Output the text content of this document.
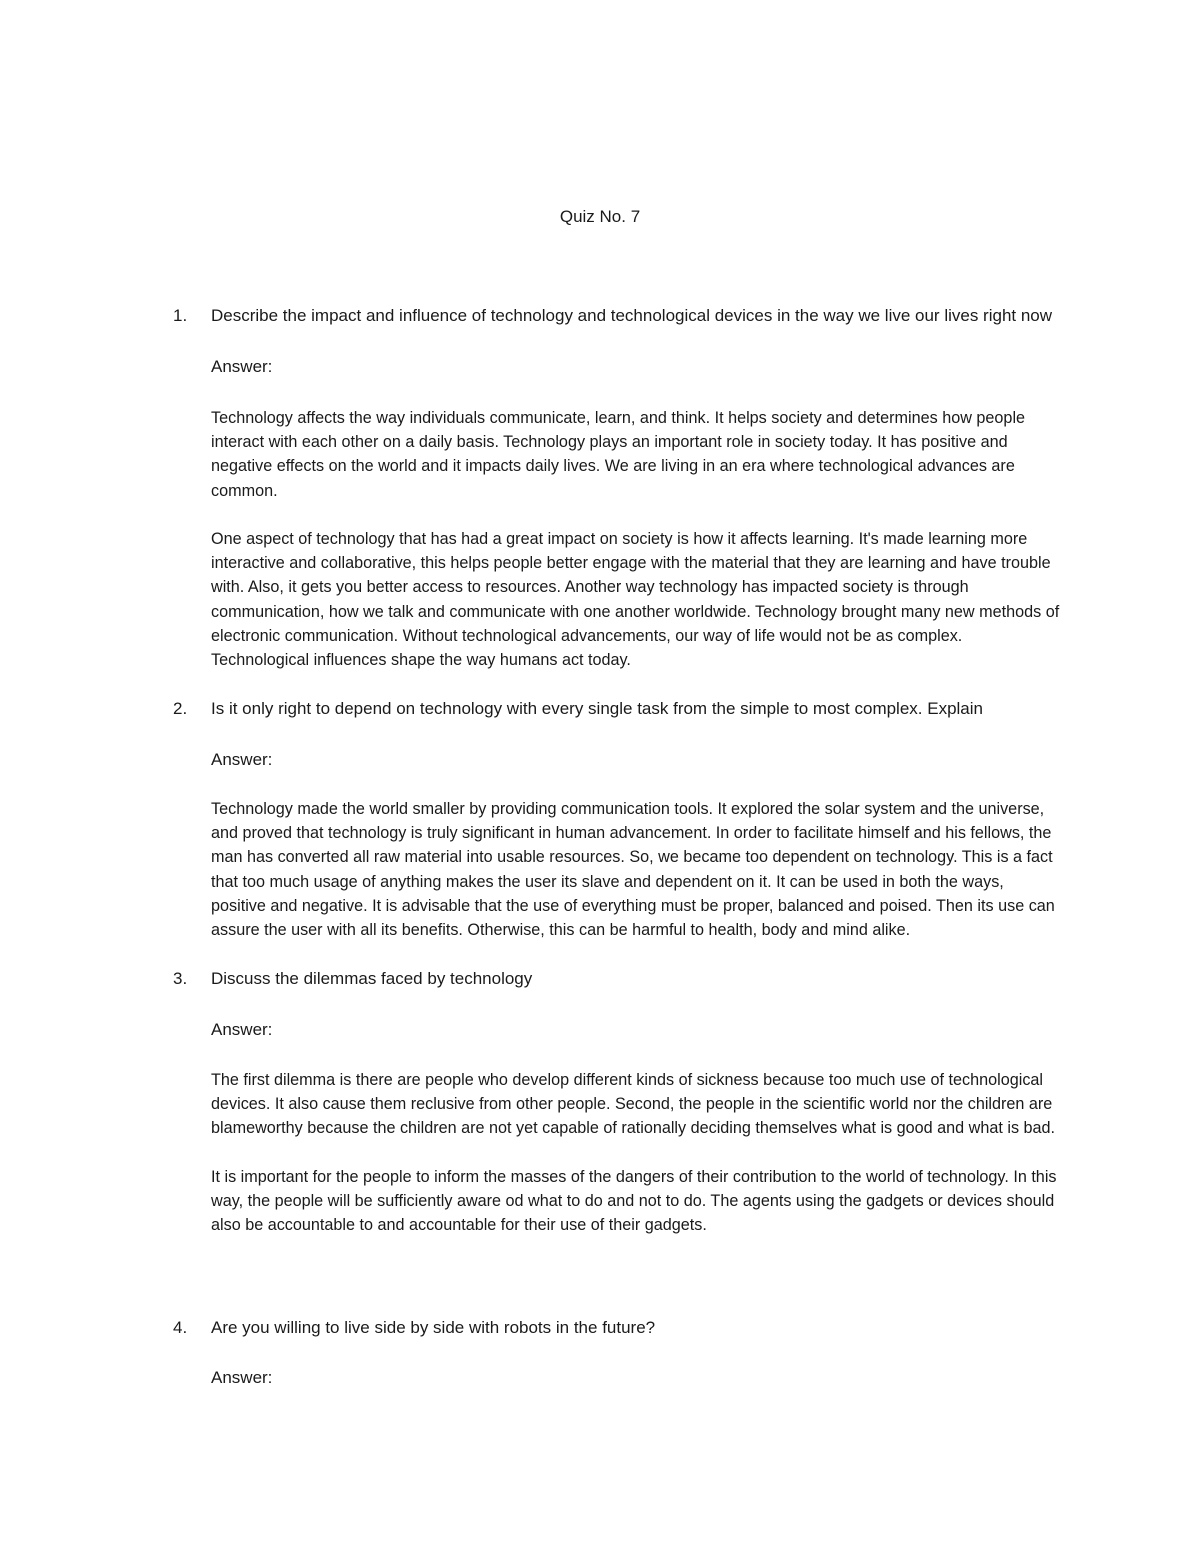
Quiz No. 7
1. Describe the impact and influence of technology and technological devices in the way we live our lives right now
Answer:

Technology affects the way individuals communicate, learn, and think. It helps society and determines how people interact with each other on a daily basis. Technology plays an important role in society today. It has positive and negative effects on the world and it impacts daily lives. We are living in an era where technological advances are common.

One aspect of technology that has had a great impact on society is how it affects learning. It's made learning more interactive and collaborative, this helps people better engage with the material that they are learning and have trouble with. Also, it gets you better access to resources. Another way technology has impacted society is through communication, how we talk and communicate with one another worldwide. Technology brought many new methods of electronic communication. Without technological advancements, our way of life would not be as complex. Technological influences shape the way humans act today.

2. Is it only right to depend on technology with every single task from the simple to most complex. Explain
Answer:

Technology made the world smaller by providing communication tools. It explored the solar system and the universe, and proved that technology is truly significant in human advancement. In order to facilitate himself and his fellows, the man has converted all raw material into usable resources. So, we became too dependent on technology. This is a fact that too much usage of anything makes the user its slave and dependent on it. It can be used in both the ways, positive and negative. It is advisable that the use of everything must be proper, balanced and poised. Then its use can assure the user with all its benefits. Otherwise, this can be harmful to health, body and mind alike.

3. Discuss the dilemmas faced by technology
Answer:

The first dilemma is there are people who develop different kinds of sickness because too much use of technological devices. It also cause them reclusive from other people. Second, the people in the scientific world nor the children are blameworthy because the children are not yet capable of rationally deciding themselves what is good and what is bad.

It is important for the people to inform the masses of the dangers of their contribution to the world of technology. In this way, the people will be sufficiently aware od what to do and not to do. The agents using the gadgets or devices should also be accountable to and accountable for their use of their gadgets.

4. Are you willing to live side by side with robots in the future?
Answer:
